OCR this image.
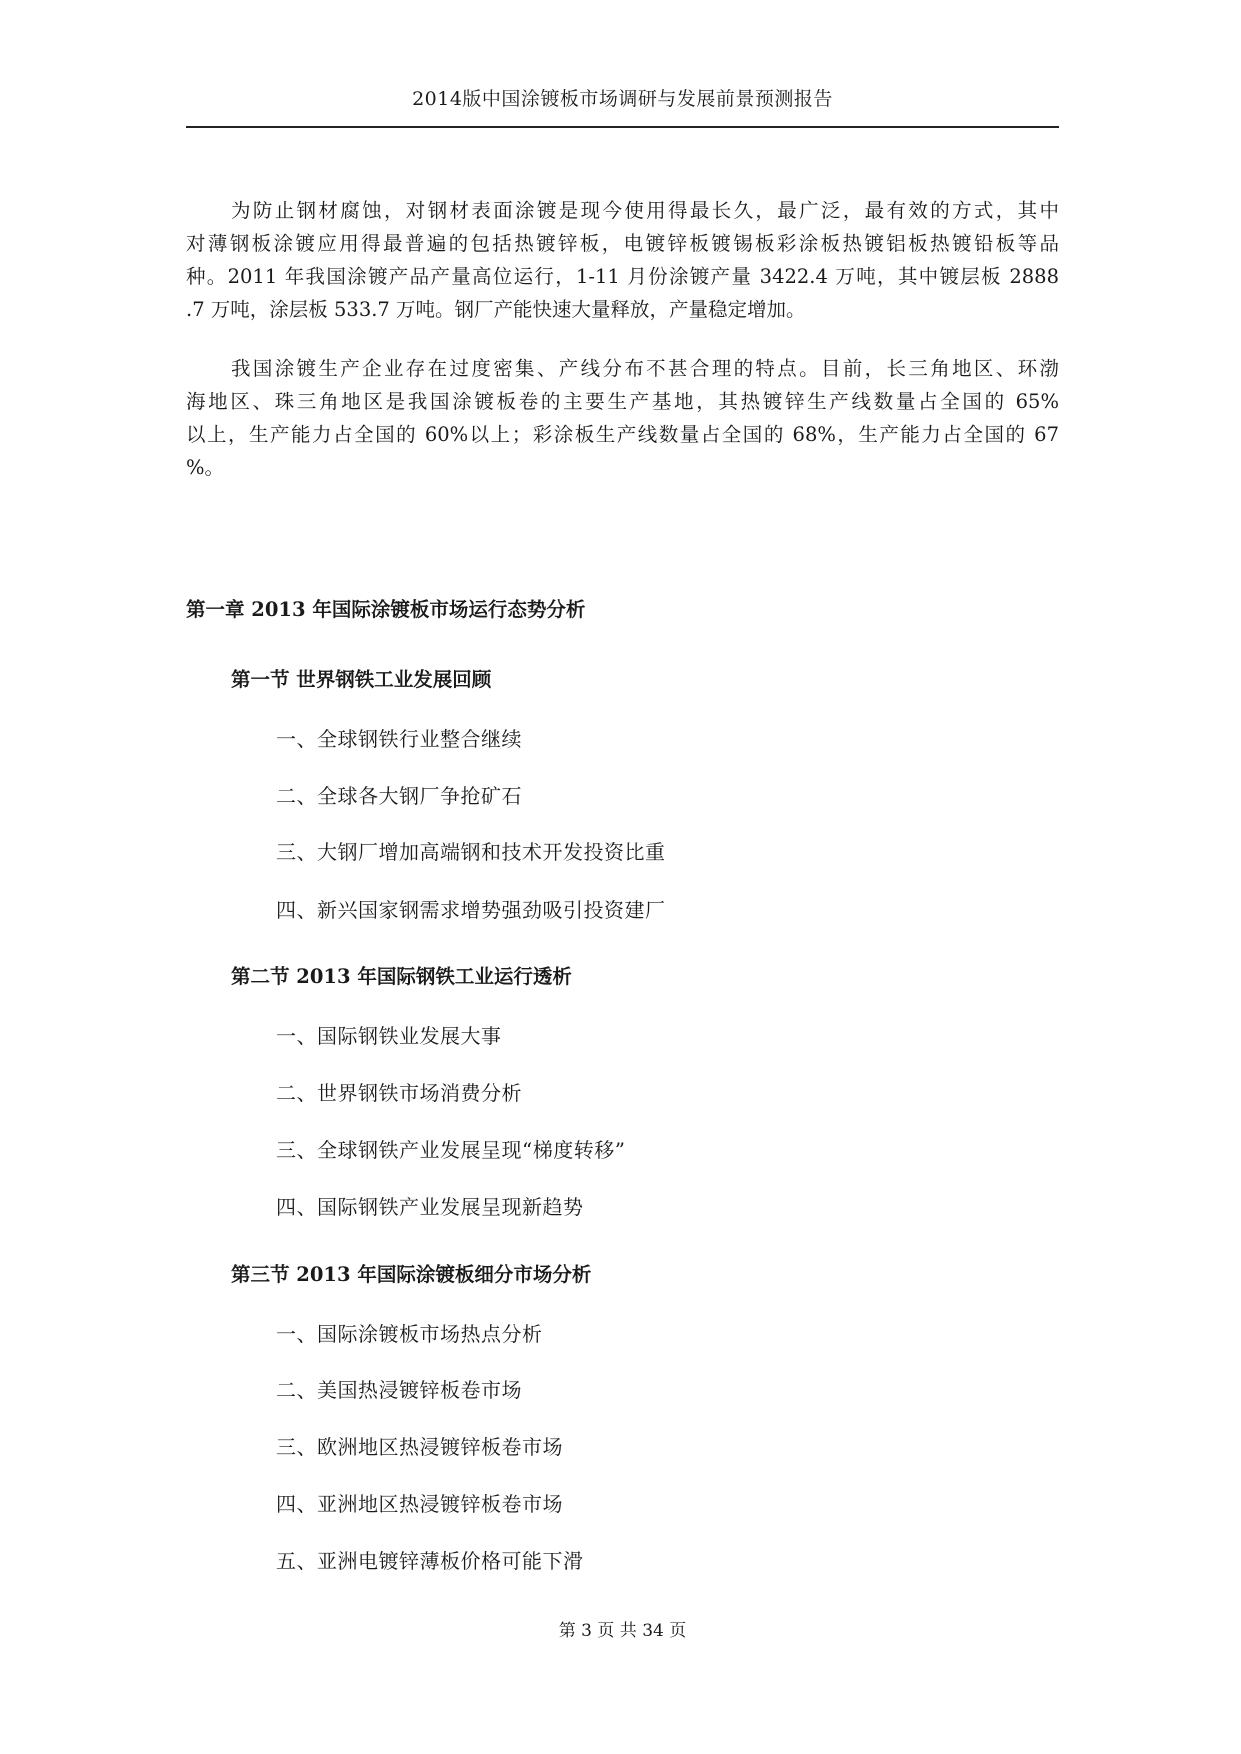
2014版中国涂镀板市场调研与发展前景预测报告
为防止钢材腐蚀，对钢材表面涂镀是现今使用得最长久，最广泛，最有效的方式，其中
对薄钢板涂镀应用得最普遍的包括热镀锌板，电镀锌板镀锡板彩涂板热镀铝板热镀铅板等品
种。2011 年我国涂镀产品产量高位运行，1-11 月份涂镀产量 3422.4 万吨，其中镀层板 2888
.7 万吨，涂层板 533.7 万吨。钢厂产能快速大量释放，产量稳定增加。
我国涂镀生产企业存在过度密集、产线分布不甚合理的特点。目前，长三角地区、环渤
海地区、珠三角地区是我国涂镀板卷的主要生产基地，其热镀锌生产线数量占全国的 65%
以上，生产能力占全国的 60%以上；彩涂板生产线数量占全国的 68%，生产能力占全国的 67
%。
第一章 2013 年国际涂镀板市场运行态势分析
第一节 世界钢铁工业发展回顾
一、全球钢铁行业整合继续
二、全球各大钢厂争抢矿石
三、大钢厂增加高端钢和技术开发投资比重
四、新兴国家钢需求增势强劲吸引投资建厂
第二节 2013 年国际钢铁工业运行透析
一、国际钢铁业发展大事
二、世界钢铁市场消费分析
三、全球钢铁产业发展呈现“梯度转移”
四、国际钢铁产业发展呈现新趋势
第三节 2013 年国际涂镀板细分市场分析
一、国际涂镀板市场热点分析
二、美国热浸镀锌板卷市场
三、欧洲地区热浸镀锌板卷市场
四、亚洲地区热浸镀锌板卷市场
五、亚洲电镀锌薄板价格可能下滑
第 3 页 共 34 页
